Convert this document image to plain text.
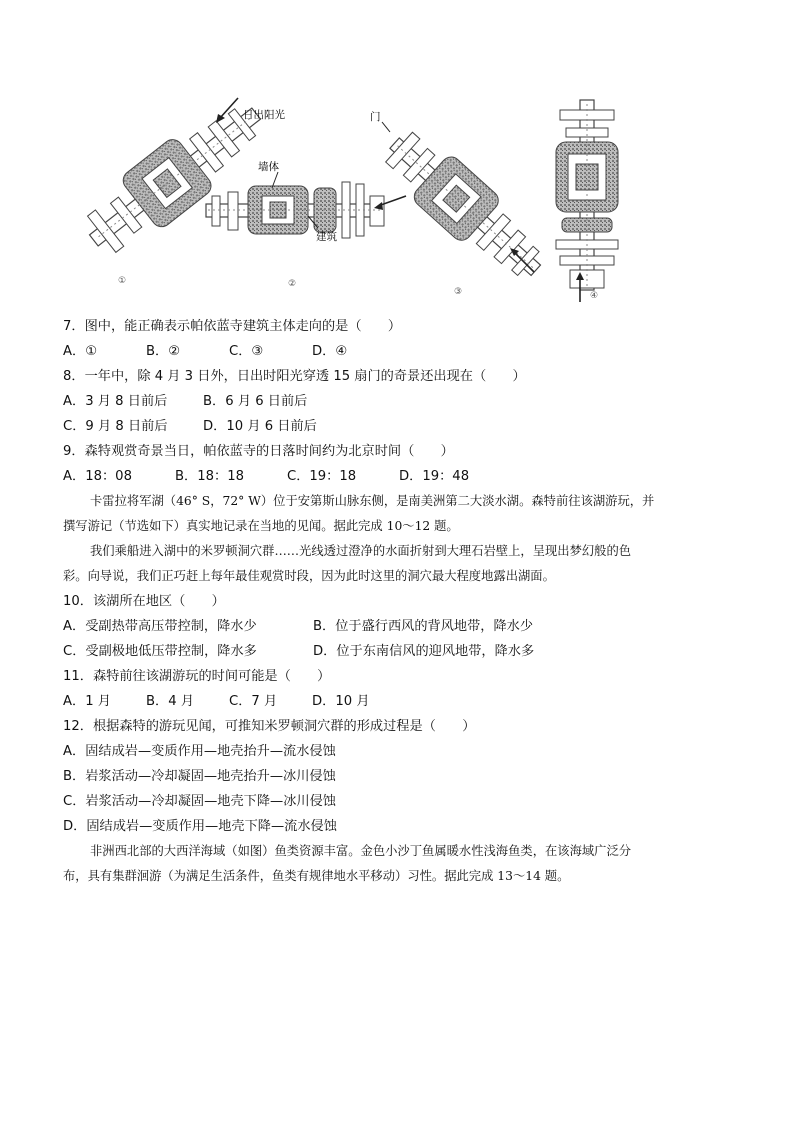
①
日出阳光
②
墙体
建筑
③
门
④
7．图中，能正确表示帕依蓝寺建筑主体走向的是（　　）
A．①	B．②	C．③	D．④
8．一年中，除 4 月 3 日外，日出时阳光穿透 15 扇门的奇景还出现在（　　）
A．3 月 8 日前后	B．6 月 6 日前后
C．9 月 8 日前后	D．10 月 6 日前后
9．森特观赏奇景当日，帕依蓝寺的日落时间约为北京时间（　　）
A．18：08	B．18：18	C．19：18	D．19：48
卡雷拉将军湖（46° S，72° W）位于安第斯山脉东侧，是南美洲第二大淡水湖。森特前往该湖游玩，并
撰写游记（节选如下）真实地记录在当地的见闻。据此完成 10～12 题。
我们乘船进入湖中的米罗顿洞穴群……光线透过澄净的水面折射到大理石岩壁上，呈现出梦幻般的色
彩。向导说，我们正巧赶上每年最佳观赏时段，因为此时这里的洞穴最大程度地露出湖面。
10．该湖所在地区（　　）
A．受副热带高压带控制，降水少	B．位于盛行西风的背风地带，降水少
C．受副极地低压带控制，降水多	D．位于东南信风的迎风地带，降水多
11．森特前往该湖游玩的时间可能是（　　）
A．1 月	B．4 月	C．7 月	D．10 月
12．根据森特的游玩见闻，可推知米罗顿洞穴群的形成过程是（　　）
A．固结成岩—变质作用—地壳抬升—流水侵蚀
B．岩浆活动—冷却凝固—地壳抬升—冰川侵蚀
C．岩浆活动—冷却凝固—地壳下降—冰川侵蚀
D．固结成岩—变质作用—地壳下降—流水侵蚀
非洲西北部的大西洋海域（如图）鱼类资源丰富。金色小沙丁鱼属暖水性浅海鱼类，在该海域广泛分
布，具有集群洄游（为满足生活条件，鱼类有规律地水平移动）习性。据此完成 13～14 题。
